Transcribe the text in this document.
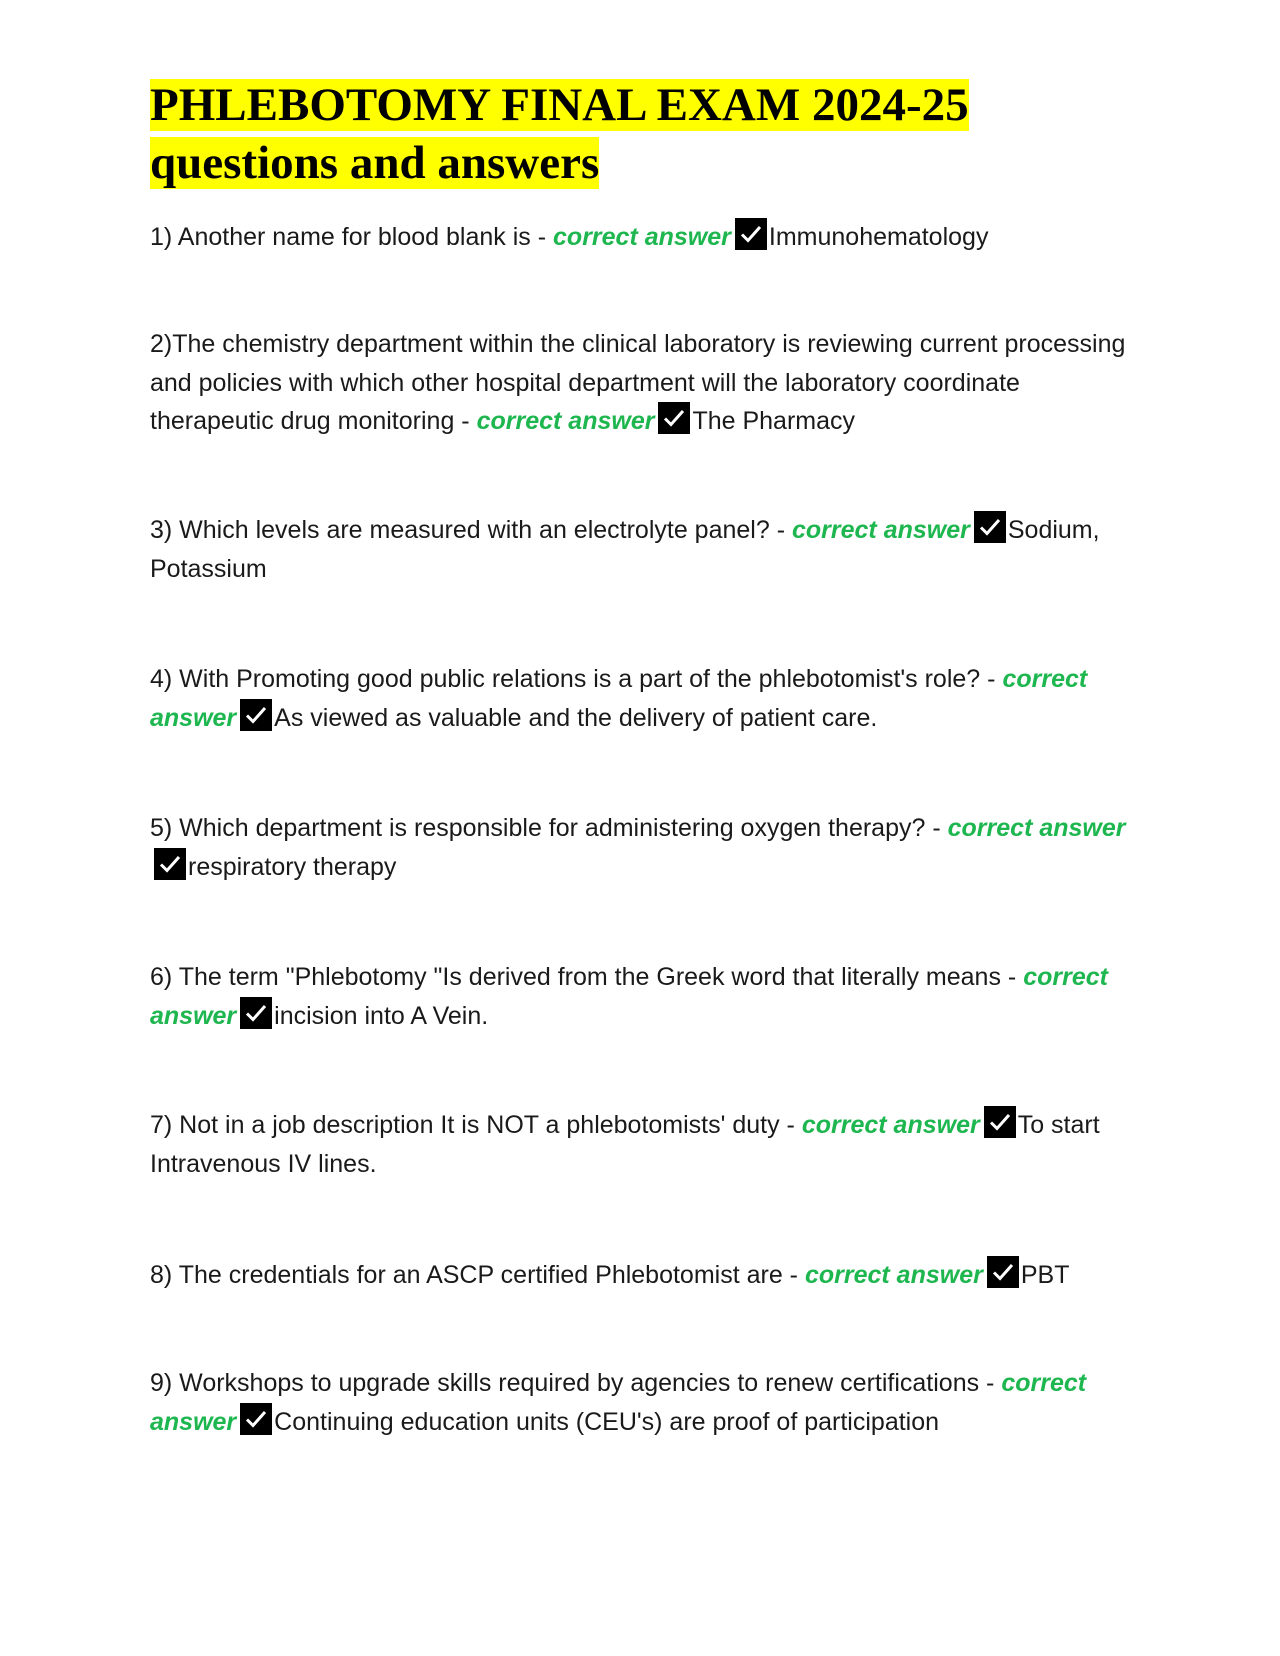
PHLEBOTOMY FINAL EXAM 2024-25
questions and answers

1) Another name for blood blank is - correct answer Immunohematology

2)The chemistry department within the clinical laboratory is reviewing current processing and policies with which other hospital department will the laboratory coordinate therapeutic drug monitoring - correct answer The Pharmacy

3) Which levels are measured with an electrolyte panel? - correct answer Sodium, Potassium

4) With Promoting good public relations is a part of the phlebotomist's role? - correct answer As viewed as valuable and the delivery of patient care.

5) Which department is responsible for administering oxygen therapy? - correct answer
respiratory therapy

6) The term "Phlebotomy "Is derived from the Greek word that literally means - correct answer incision into A Vein.

7) Not in a job description It is NOT a phlebotomists' duty - correct answer To start Intravenous IV lines.

8) The credentials for an ASCP certified Phlebotomist are - correct answer PBT

9) Workshops to upgrade skills required by agencies to renew certifications - correct answer Continuing education units (CEU's) are proof of participation
